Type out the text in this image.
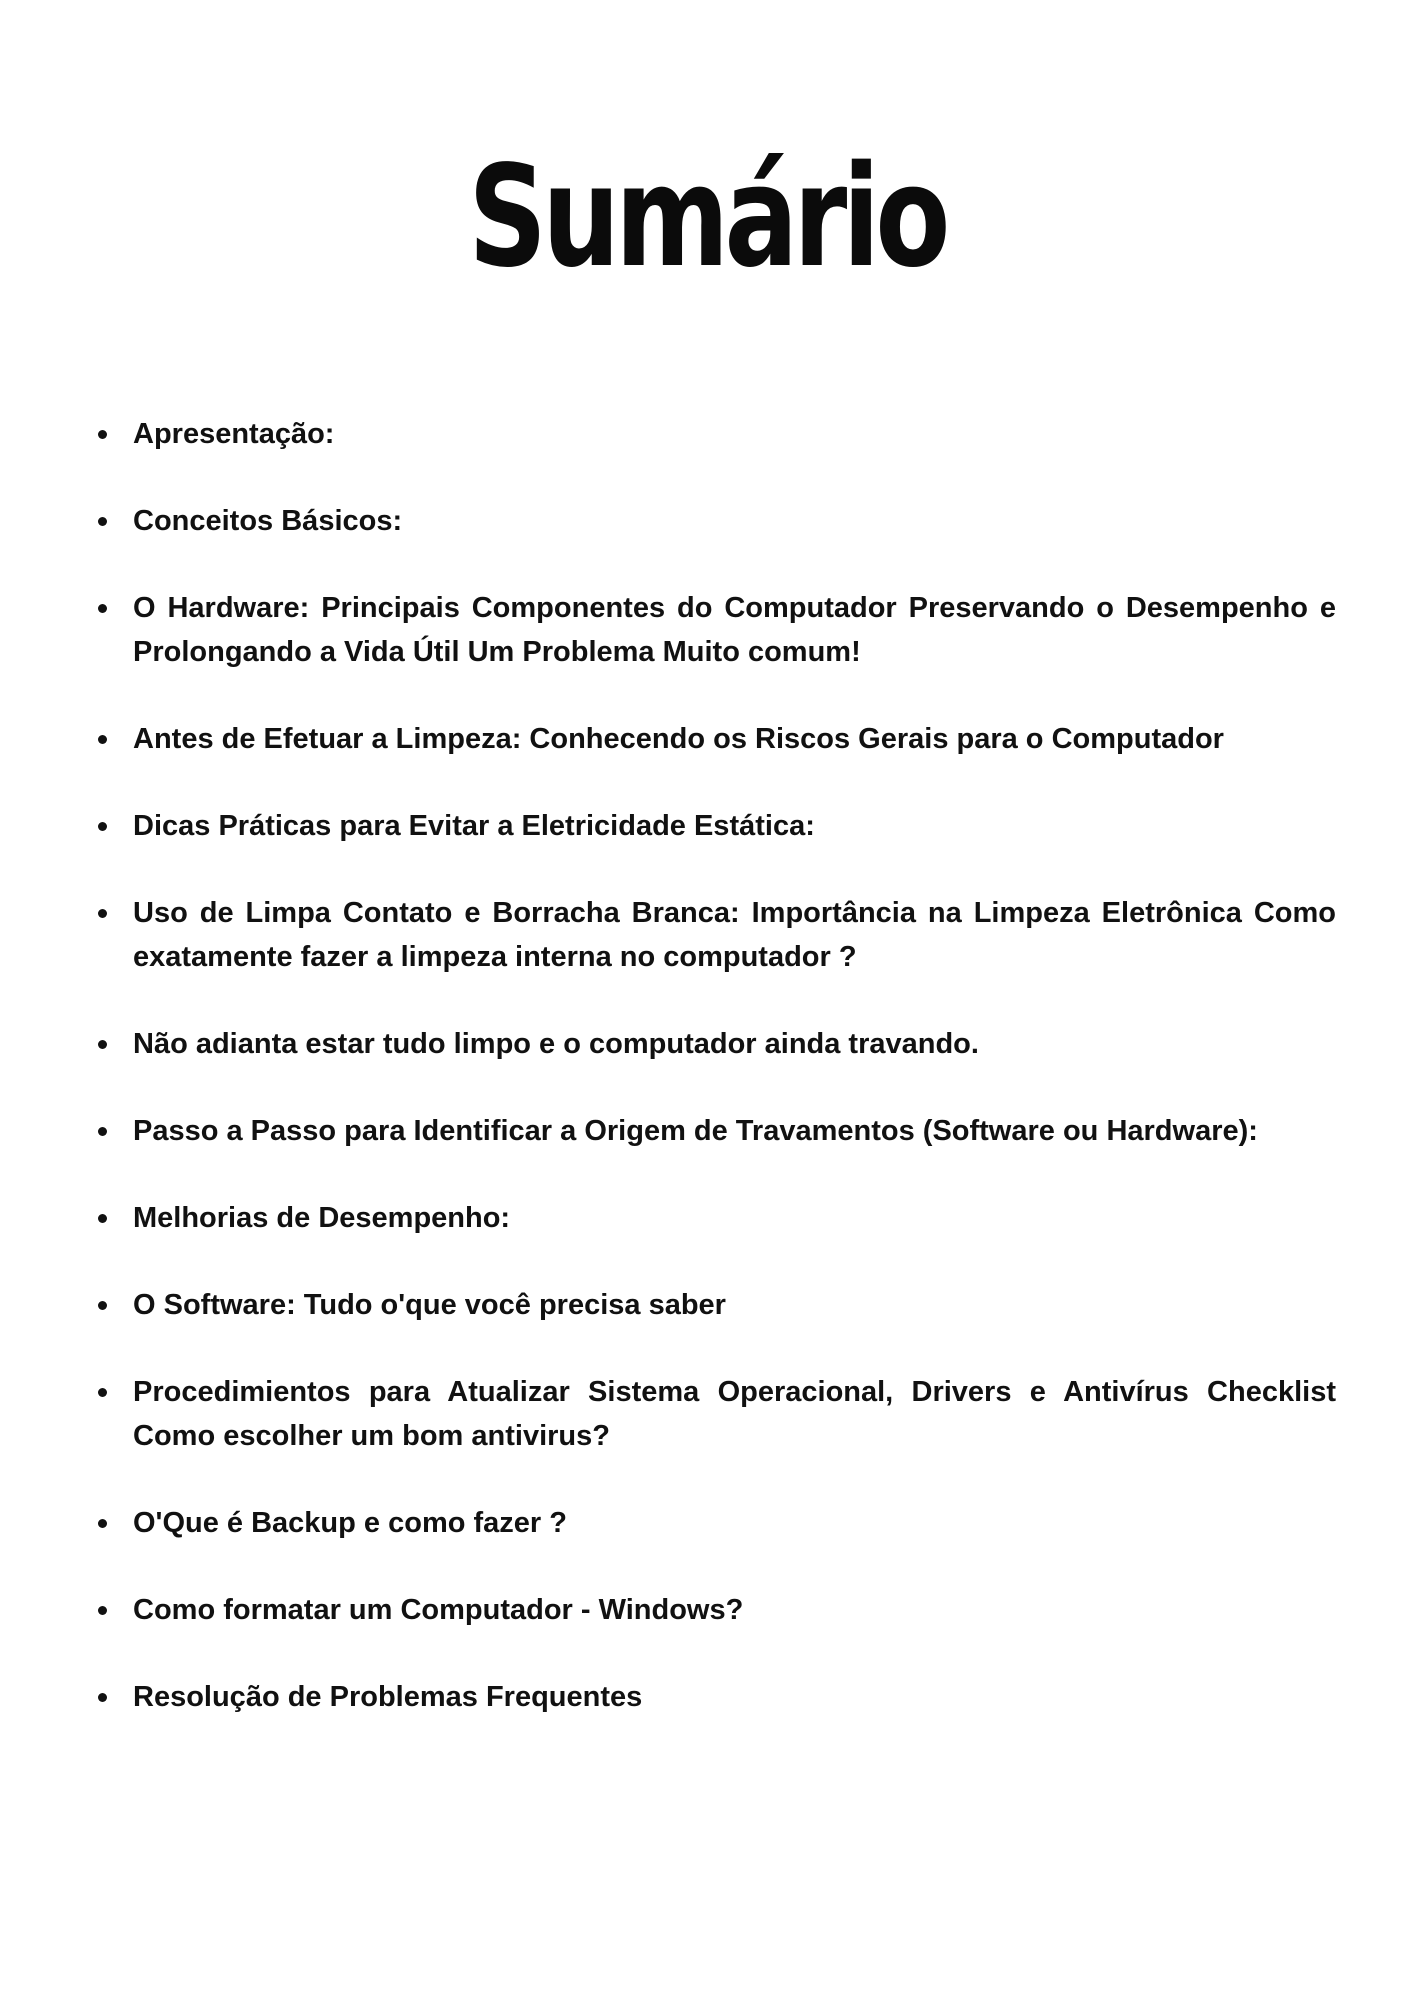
Sumário
Apresentação:
Conceitos Básicos:
O Hardware: Principais Componentes do Computador Preservando o Desempenho e Prolongando a Vida Útil Um Problema Muito comum!
Antes de Efetuar a Limpeza: Conhecendo os Riscos Gerais para o Computador
Dicas Práticas para Evitar a Eletricidade Estática:
Uso de Limpa Contato e Borracha Branca: Importância na Limpeza Eletrônica Como exatamente fazer a limpeza interna no computador ?
Não adianta estar tudo limpo e o computador ainda travando.
Passo a Passo para Identificar a Origem de Travamentos (Software ou Hardware):
Melhorias de Desempenho:
O Software: Tudo o'que você precisa saber
Procedimientos para Atualizar Sistema Operacional, Drivers e Antivírus Checklist Como escolher um bom antivirus?
O'Que é Backup e como fazer ?
Como formatar um Computador - Windows?
Resolução de Problemas Frequentes
